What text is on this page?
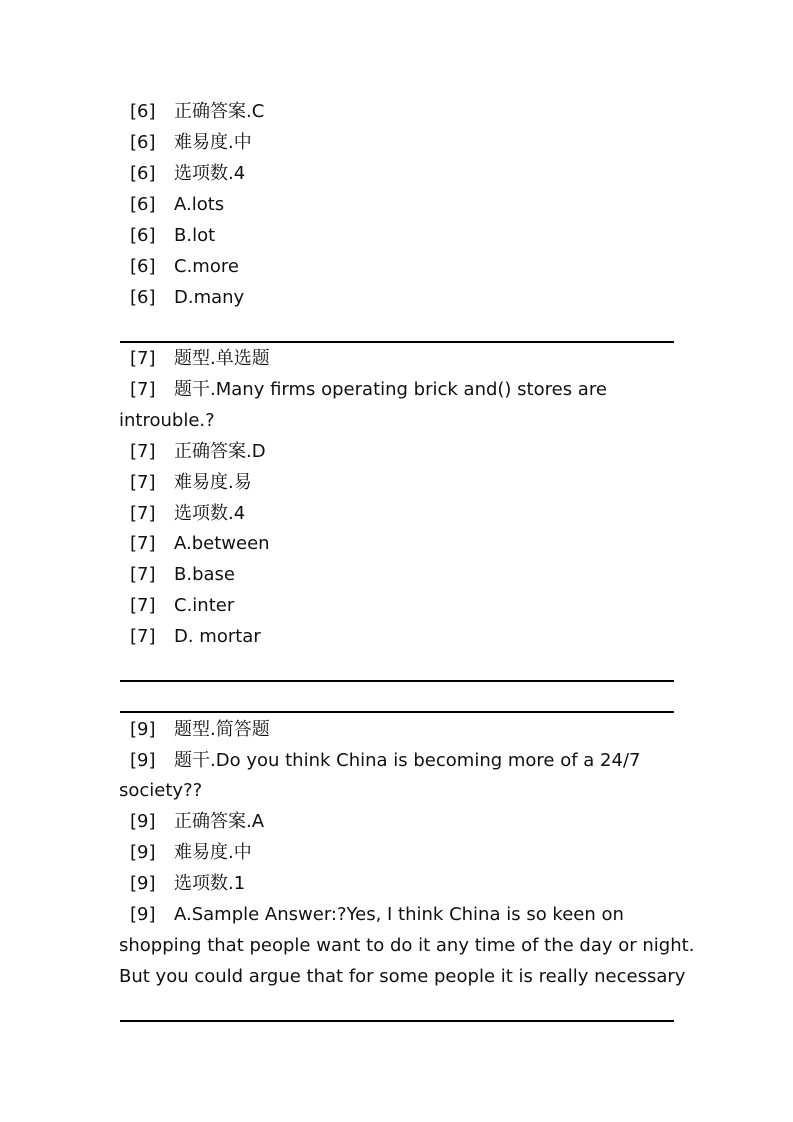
[6] 正确答案.C
[6] 难易度.中
[6] 选项数.4
[6] A.lots
[6] B.lot
[6] C.more
[6] D.many
[7] 题型.单选题
[7] 题干.Many firms operating brick and() stores are
introuble.?
[7] 正确答案.D
[7] 难易度.易
[7] 选项数.4
[7] A.between
[7] B.base
[7] C.inter
[7] D. mortar
[9] 题型.简答题
[9] 题干.Do you think China is becoming more of a 24/7
society??
[9] 正确答案.A
[9] 难易度.中
[9] 选项数.1
[9] A.Sample Answer:?Yes, I think China is so keen on
shopping that people want to do it any time of the day or night.
But you could argue that for some people it is really necessary
